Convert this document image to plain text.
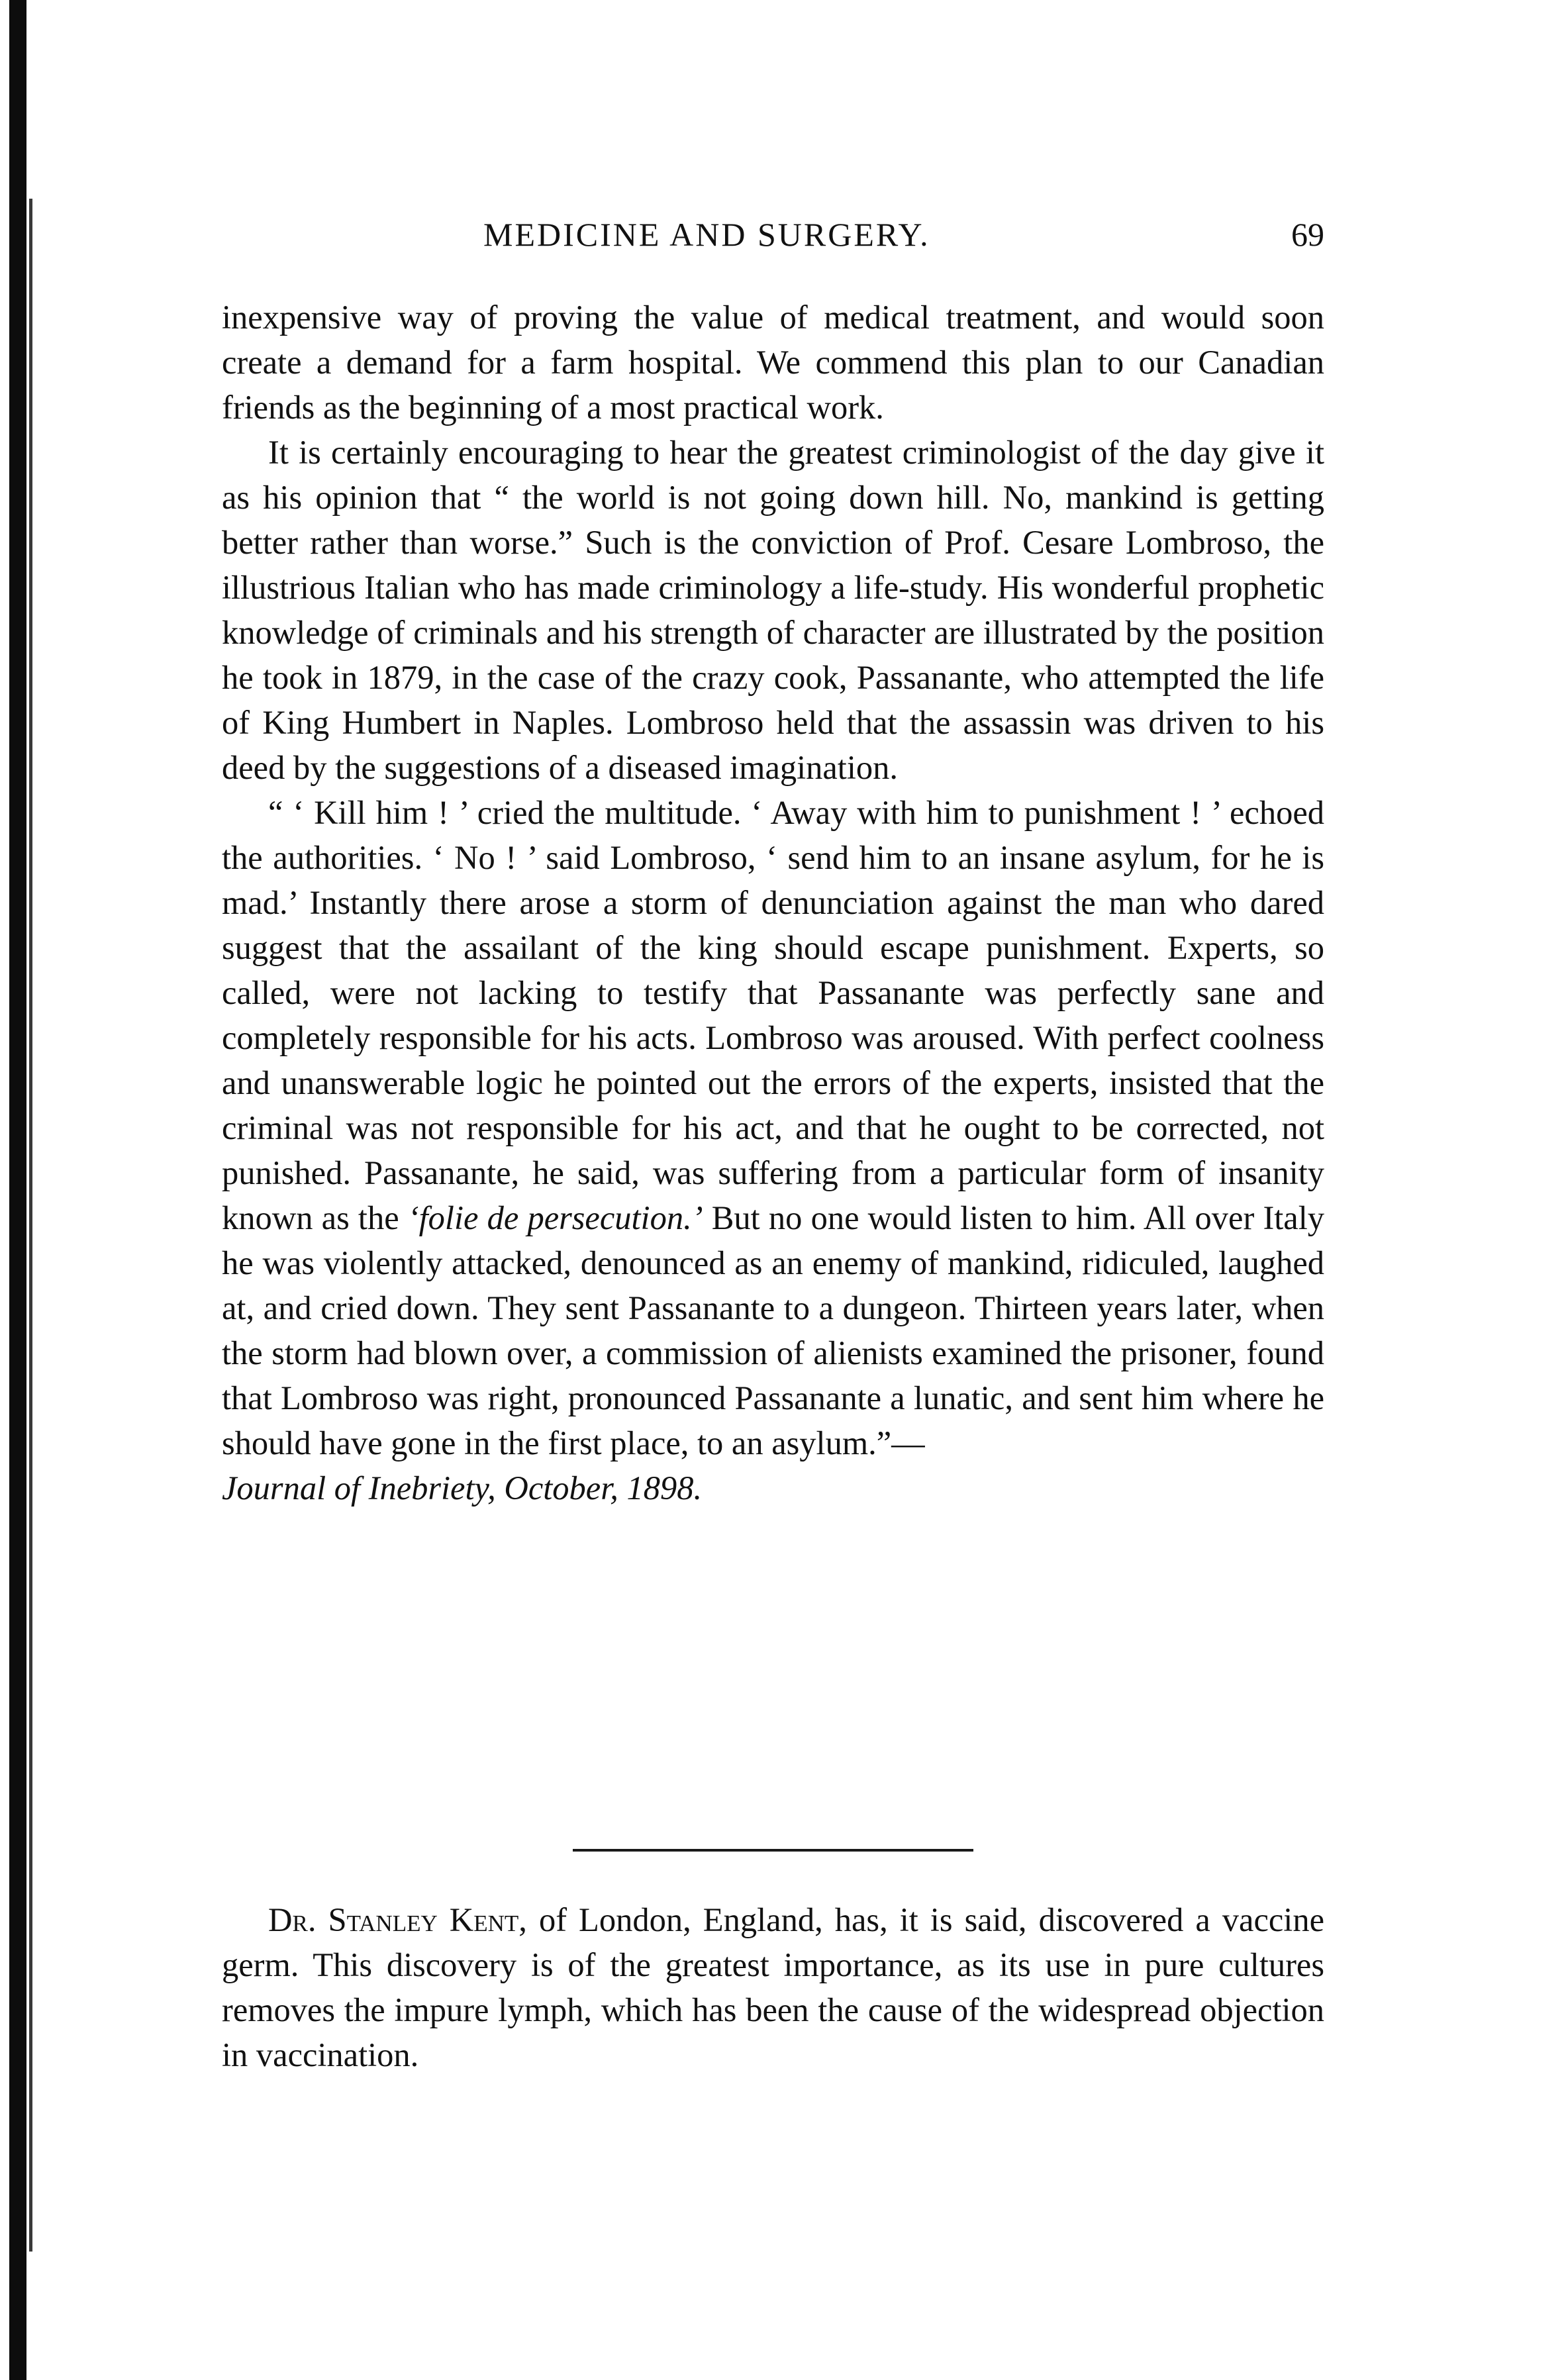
MEDICINE AND SURGERY.	69

inexpensive way of proving the value of medical treatment, and would soon create a demand for a farm hospital. We commend this plan to our Canadian friends as the beginning of a most practical work.

It is certainly encouraging to hear the greatest criminologist of the day give it as his opinion that “ the world is not going down hill. No, mankind is getting better rather than worse.” Such is the conviction of Prof. Cesare Lombroso, the illustrious Italian who has made criminology a life-study. His wonderful prophetic knowledge of criminals and his strength of character are illustrated by the position he took in 1879, in the case of the crazy cook, Passanante, who attempted the life of King Humbert in Naples. Lombroso held that the assassin was driven to his deed by the suggestions of a diseased imagination.

“ ‘ Kill him ! ’ cried the multitude. ‘ Away with him to punishment ! ’ echoed the authorities. ‘ No ! ’ said Lombroso, ‘ send him to an insane asylum, for he is mad.’ Instantly there arose a storm of denunciation against the man who dared suggest that the assailant of the king should escape punishment. Experts, so called, were not lacking to testify that Passanante was perfectly sane and completely responsible for his acts. Lombroso was aroused. With perfect coolness and unanswerable logic he pointed out the errors of the experts, insisted that the criminal was not responsible for his act, and that he ought to be corrected, not punished. Passanante, he said, was suffering from a particular form of insanity known as the ‘folie de persecution.’ But no one would listen to him. All over Italy he was violently attacked, denounced as an enemy of mankind, ridiculed, laughed at, and cried down. They sent Passanante to a dungeon. Thirteen years later, when the storm had blown over, a commission of alienists examined the prisoner, found that Lombroso was right, pronounced Passanante a lunatic, and sent him where he should have gone in the first place, to an asylum.”—
Journal of Inebriety, October, 1898.

Dr. Stanley Kent, of London, England, has, it is said, discovered a vaccine germ. This discovery is of the greatest importance, as its use in pure cultures removes the impure lymph, which has been the cause of the widespread objection in vaccination.
